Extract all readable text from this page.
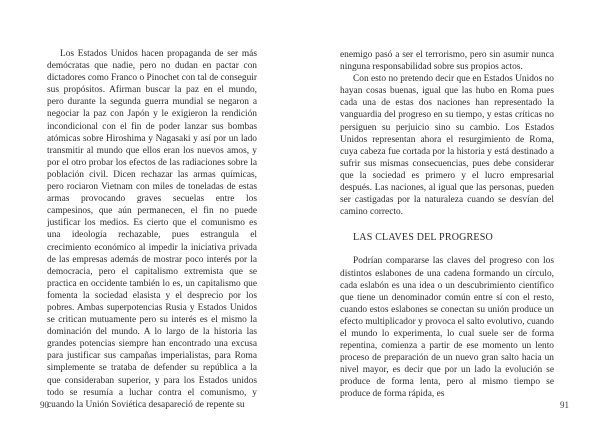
Los Estados Unidos hacen propaganda de ser más demócratas que nadie, pero no dudan en pactar con dictadores como Franco o Pinochet con tal de conseguir sus propósitos. Afirman buscar la paz en el mundo, pero durante la segunda guerra mundial se negaron a negociar la paz con Japón y le exigieron la rendición incondicional con el fin de poder lanzar sus bombas atómicas sobre Hiroshima y Nagasaki y así por un lado transmitir al mundo que ellos eran los nuevos amos, y por el otro probar los efectos de las radiaciones sobre la población civil. Dicen rechazar las armas químicas, pero rociaron Vietnam con miles de toneladas de estas armas provocando graves secuelas entre los campesinos, que aún permanecen, el fin no puede justificar los medios. Es cierto que el comunismo es una ideología rechazable, pues estrangula el crecimiento económico al impedir la iniciativa privada de las empresas además de mostrar poco interés por la democracia, pero el capitalismo extremista que se practica en occidente también lo es, un capitalismo que fomenta la sociedad elasista y el desprecio por los pobres. Ambas superpotencias Rusia y Estados Unidos se critican mutuamente pero su interés es el mismo la dominación del mundo. A lo largo de la historia las grandes potencias siempre han encontrado una excusa para justificar sus campañas imperialistas, para Roma simplemente se trataba de defender su república a la que consideraban superior, y para los Estados unidos todo se resumía a luchar contra el comunismo, y cuando la Unión Soviética desapareció de repente su

90

enemigo pasó a ser el terrorismo, pero sin asumir nunca ninguna responsabilidad sobre sus propios actos.

Con esto no pretendo decir que en Estados Unidos no hayan cosas buenas, igual que las hubo en Roma pues cada una de estas dos naciones han representado la vanguardia del progreso en su tiempo, y estas críticas no persiguen su perjuicio sino su cambio. Los Estados Unidos representan ahora el resurgimiento de Roma, cuya cabeza fue cortada por la historia y está destinado a sufrir sus mismas consecuencias, pues debe considerar que la sociedad es primero y el lucro empresarial después. Las naciones, al igual que las personas, pueden ser castigadas por la naturaleza cuando se desvían del camino correcto.

LAS CLAVES DEL PROGRESO

Podrían compararse las claves del progreso con los distintos eslabones de una cadena formando un círculo, cada eslabón es una idea o un descubrimiento científico que tiene un denominador común entre sí con el resto, cuando estos eslabones se conectan su unión produce un efecto multiplicador y provoca el salto evolutivo, cuando el mundo lo experimenta, lo cual suele ser de forma repentina, comienza a partir de ese momento un lento proceso de preparación de un nuevo gran salto hacia un nivel mayor, es decir que por un lado la evolución se produce de forma lenta, pero al mismo tiempo se produce de forma rápida, es

91
